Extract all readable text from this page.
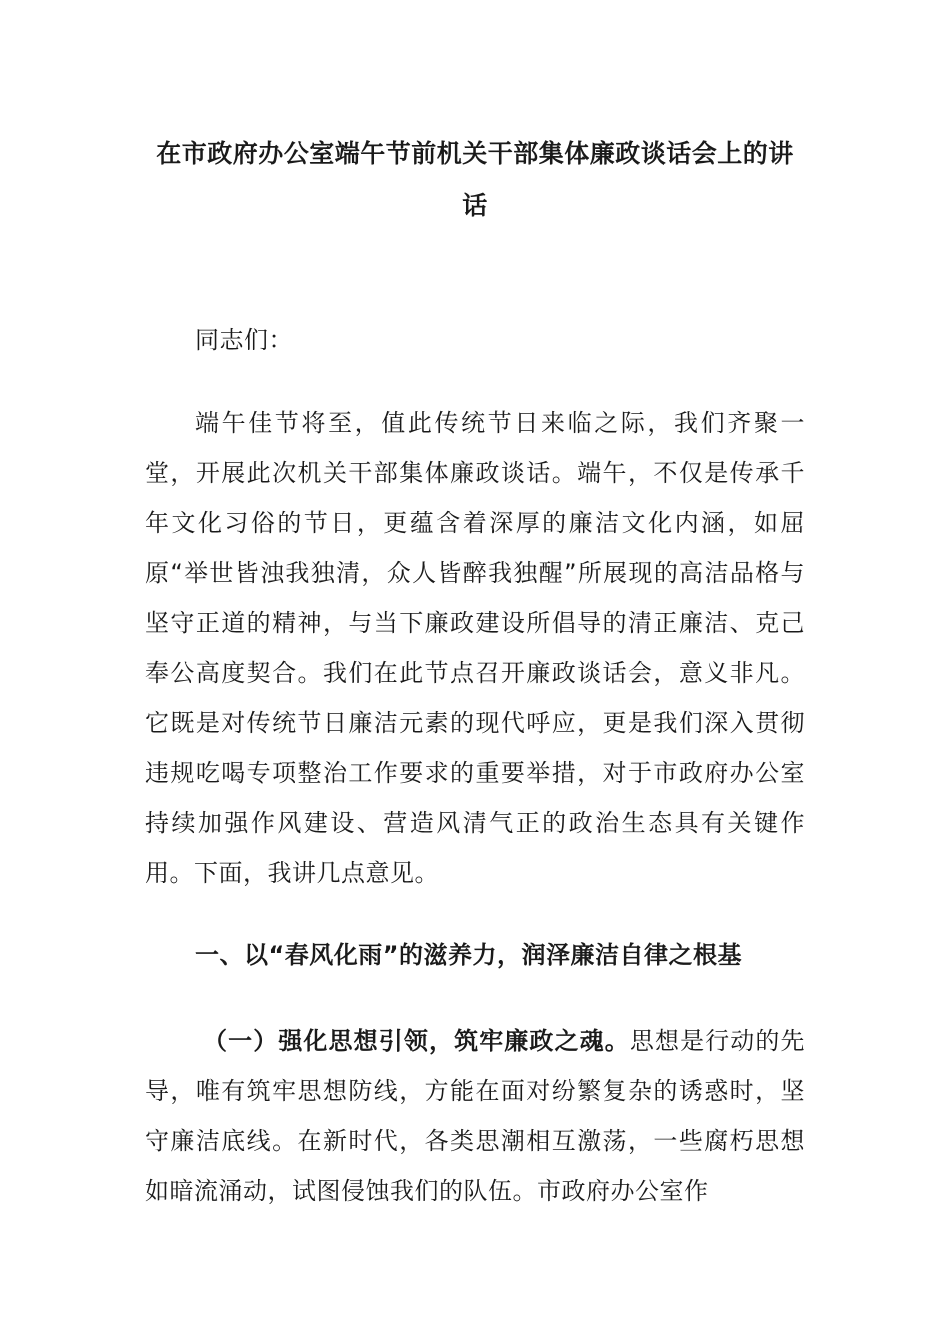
在市政府办公室端午节前机关干部集体廉政谈话会上的讲话
同志们：
端午佳节将至，值此传统节日来临之际，我们齐聚一堂，开展此次机关干部集体廉政谈话。端午，不仅是传承千年文化习俗的节日，更蕴含着深厚的廉洁文化内涵，如屈原“举世皆浊我独清，众人皆醉我独醒”所展现的高洁品格与坚守正道的精神，与当下廉政建设所倡导的清正廉洁、克己奉公高度契合。我们在此节点召开廉政谈话会，意义非凡。它既是对传统节日廉洁元素的现代呼应，更是我们深入贯彻违规吃喝专项整治工作要求的重要举措，对于市政府办公室持续加强作风建设、营造风清气正的政治生态具有关键作用。下面，我讲几点意见。
一、以“春风化雨”的滋养力，润泽廉洁自律之根基
（一）强化思想引领，筑牢廉政之魂。思想是行动的先导，唯有筑牢思想防线，方能在面对纷繁复杂的诱惑时，坚守廉洁底线。在新时代，各类思潮相互激荡，一些腐朽思想如暗流涌动，试图侵蚀我们的队伍。市政府办公室作
